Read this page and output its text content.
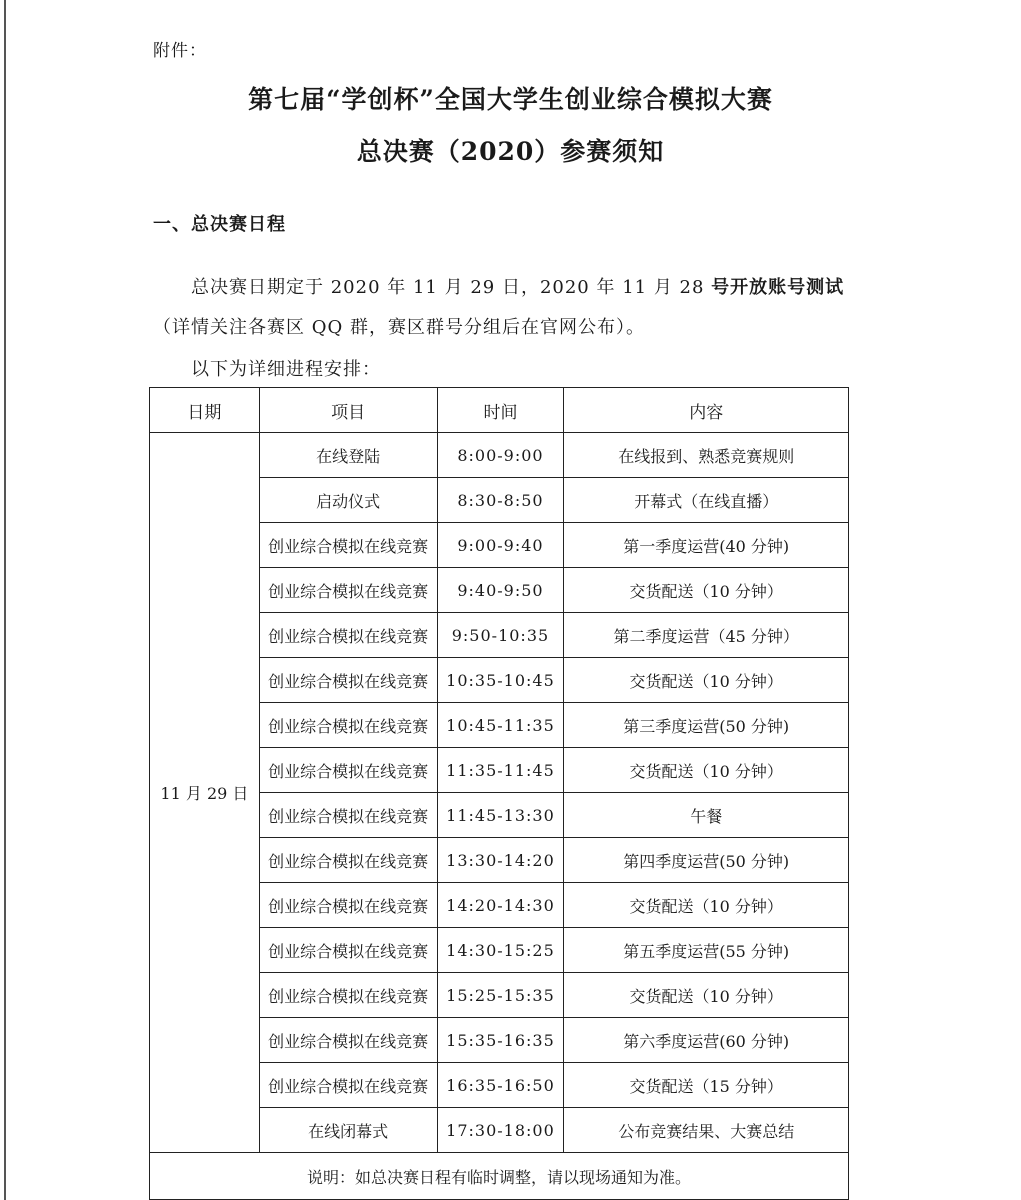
附件：
第七届“学创杯”全国大学生创业综合模拟大赛
总决赛（2020）参赛须知
一、总决赛日程
总决赛日期定于 2020 年 11 月 29 日，2020 年 11 月 28 号开放账号测试（详情关注各赛区 QQ 群，赛区群号分组后在官网公布）。
以下为详细进程安排：
日期	项目	时间	内容
11 月 29 日	在线登陆	8:00-9:00	在线报到、熟悉竞赛规则
	启动仪式	8:30-8:50	开幕式（在线直播）
	创业综合模拟在线竞赛	9:00-9:40	第一季度运营(40 分钟)
	创业综合模拟在线竞赛	9:40-9:50	交货配送（10 分钟）
	创业综合模拟在线竞赛	9:50-10:35	第二季度运营（45 分钟）
	创业综合模拟在线竞赛	10:35-10:45	交货配送（10 分钟）
	创业综合模拟在线竞赛	10:45-11:35	第三季度运营(50 分钟)
	创业综合模拟在线竞赛	11:35-11:45	交货配送（10 分钟）
	创业综合模拟在线竞赛	11:45-13:30	午餐
	创业综合模拟在线竞赛	13:30-14:20	第四季度运营(50 分钟)
	创业综合模拟在线竞赛	14:20-14:30	交货配送（10 分钟）
	创业综合模拟在线竞赛	14:30-15:25	第五季度运营(55 分钟)
	创业综合模拟在线竞赛	15:25-15:35	交货配送（10 分钟）
	创业综合模拟在线竞赛	15:35-16:35	第六季度运营(60 分钟)
	创业综合模拟在线竞赛	16:35-16:50	交货配送（15 分钟）
	在线闭幕式	17:30-18:00	公布竞赛结果、大赛总结
说明：如总决赛日程有临时调整，请以现场通知为准。			
